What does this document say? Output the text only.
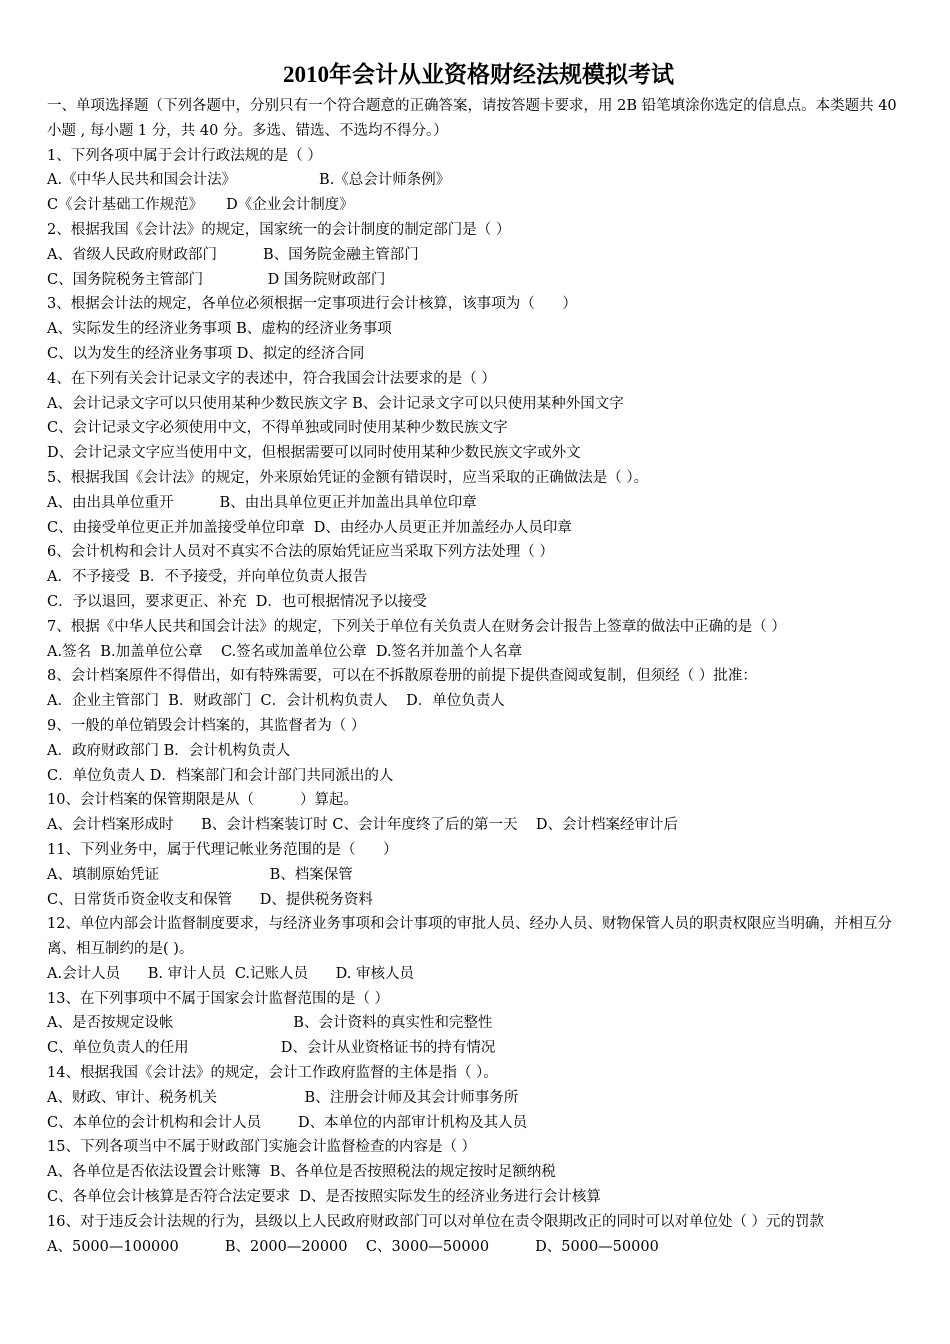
2010年会计从业资格财经法规模拟考试

一、单项选择题（下列各题中，分别只有一个符合题意的正确答案，请按答题卡要求，用 2B 铅笔填涂你选定的信息点。本类题共 40 小题 , 每小题 1 分，共 40 分。多选、错选、不选均不得分。）

1、下列各项中属于会计行政法规的是（ ）

A.《中华人民共和国会计法》                  B.《总会计师条例》

C《会计基础工作规范》     D《企业会计制度》

2、根据我国《会计法》的规定，国家统一的会计制度的制定部门是（ ）

A、省级人民政府财政部门          B、国务院金融主管部门

C、国务院税务主管部门              D 国务院财政部门

3、根据会计法的规定，各单位必须根据一定事项进行会计核算，该事项为（      ）

A、实际发生的经济业务事项 B、虚构的经济业务事项

C、以为发生的经济业务事项 D、拟定的经济合同

4、在下列有关会计记录文字的表述中，符合我国会计法要求的是（ ）

A、会计记录文字可以只使用某种少数民族文字 B、会计记录文字可以只使用某种外国文字

C、会计记录文字必须使用中文，不得单独或同时使用某种少数民族文字

D、会计记录文字应当使用中文，但根据需要可以同时使用某种少数民族文字或外文

5、根据我国《会计法》的规定，外来原始凭证的金额有错误时，应当采取的正确做法是（ ）。

A、由出具单位重开          B、由出具单位更正并加盖出具单位印章

C、由接受单位更正并加盖接受单位印章  D、由经办人员更正并加盖经办人员印章

6、会计机构和会计人员对不真实不合法的原始凭证应当采取下列方法处理（ ）

A．不予接受  B．不予接受，并向单位负责人报告

C．予以退回，要求更正、补充  D．也可根据情况予以接受

7、根据《中华人民共和国会计法》的规定，下列关于单位有关负责人在财务会计报告上签章的做法中正确的是（ ）

A.签名  B.加盖单位公章    C.签名或加盖单位公章  D.签名并加盖个人名章

8、会计档案原件不得借出，如有特殊需要，可以在不拆散原卷册的前提下提供查阅或复制，但须经（ ）批准：

A．企业主管部门  B．财政部门  C．会计机构负责人    D．单位负责人

9、一般的单位销毁会计档案的，其监督者为（ ）

A．政府财政部门 B．会计机构负责人

C．单位负责人 D．档案部门和会计部门共同派出的人

10、会计档案的保管期限是从（          ）算起。

A、会计档案形成时      B、会计档案装订时 C、会计年度终了后的第一天    D、会计档案经审计后

11、下列业务中，属于代理记帐业务范围的是（      ）

A、填制原始凭证                        B、档案保管

C、日常货币资金收支和保管      D、提供税务资料

12、单位内部会计监督制度要求，与经济业务事项和会计事项的审批人员、经办人员、财物保管人员的职责权限应当明确，并相互分离、相互制约的是( )。

A.会计人员      B. 审计人员  C.记账人员      D. 审核人员

13、在下列事项中不属于国家会计监督范围的是（ ）

A、是否按规定设帐                          B、会计资料的真实性和完整性

C、单位负责人的任用                    D、会计从业资格证书的持有情况

14、根据我国《会计法》的规定，会计工作政府监督的主体是指（ ）。

A、财政、审计、税务机关                   B、注册会计师及其会计师事务所

C、本单位的会计机构和会计人员        D、本单位的内部审计机构及其人员

15、下列各项当中不属于财政部门实施会计监督检查的内容是（ ）

A、各单位是否依法设置会计账簿  B、各单位是否按照税法的规定按时足额纳税

C、各单位会计核算是否符合法定要求  D、是否按照实际发生的经济业务进行会计核算

16、对于违反会计法规的行为，县级以上人民政府财政部门可以对单位在责令限期改正的同时可以对单位处（ ）元的罚款

A、5000—100000          B、2000—20000    C、3000—50000          D、5000—50000
